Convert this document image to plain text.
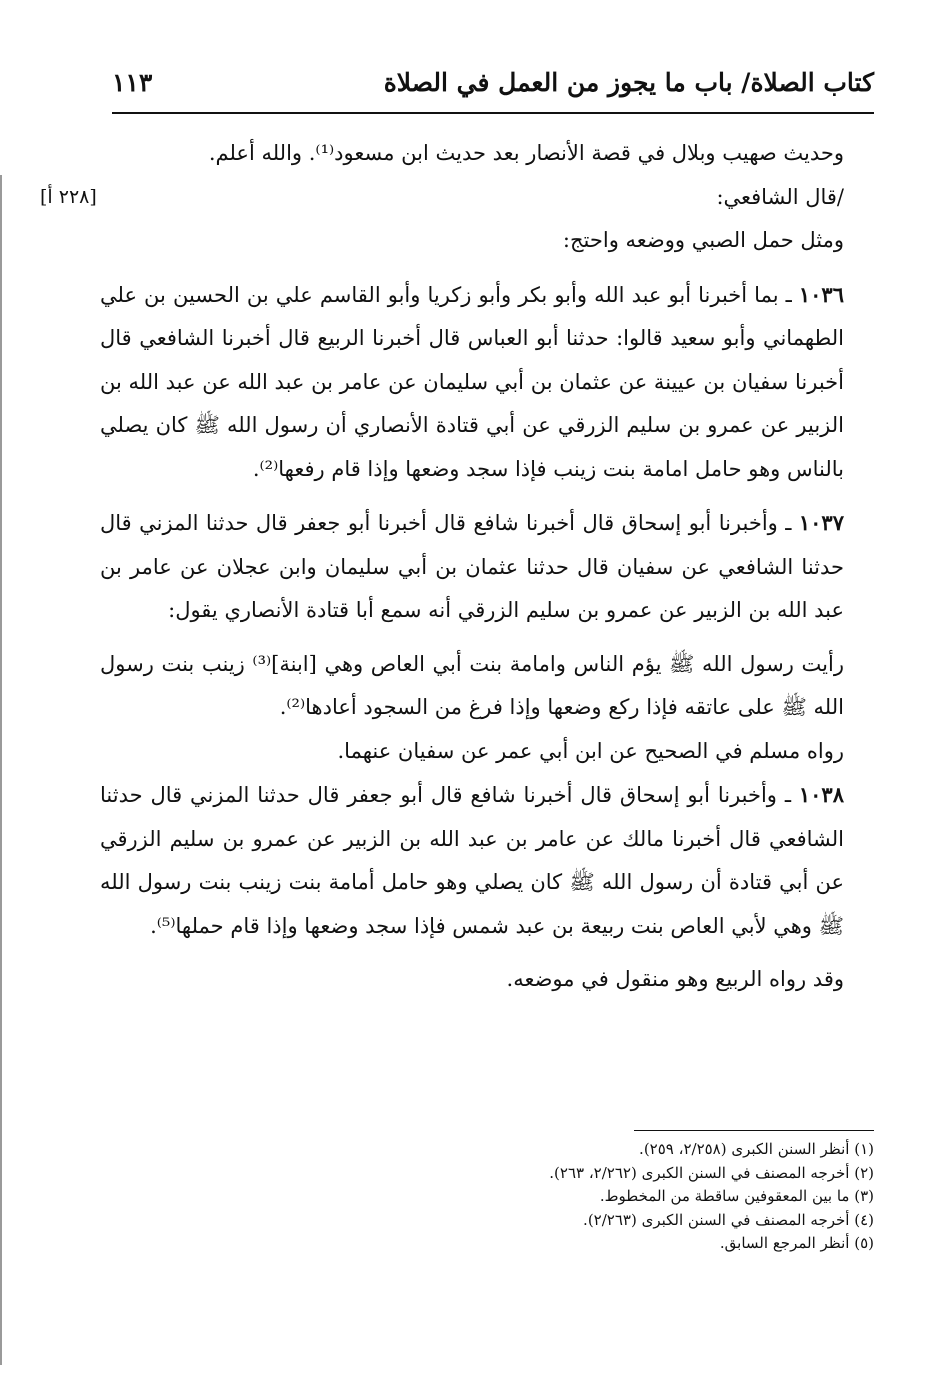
كتاب الصلاة/ باب ما يجوز من العمل في الصلاة
١١٣

وحديث صهيب وبلال في قصة الأنصار بعد حديث ابن مسعود⁽¹⁾. والله أعلم.

/قال الشافعي:
[٢٢٨ أ]

ومثل حمل الصبي ووضعه واحتج:

١٠٣٦ ـ بما أخبرنا أبو عبد الله وأبو بكر وأبو زكريا وأبو القاسم علي بن الحسين بن علي الطهماني وأبو سعيد قالوا: حدثنا أبو العباس قال أخبرنا الربيع قال أخبرنا الشافعي قال أخبرنا سفيان بن عيينة عن عثمان بن أبي سليمان عن عامر بن عبد الله عن عبد الله بن الزبير عن عمرو بن سليم الزرقي عن أبي قتادة الأنصاري أن رسول الله ﷺ كان يصلي بالناس وهو حامل امامة بنت زينب فإذا سجد وضعها وإذا قام رفعها⁽²⁾.

١٠٣٧ ـ وأخبرنا أبو إسحاق قال أخبرنا شافع قال أخبرنا أبو جعفر قال حدثنا المزني قال حدثنا الشافعي عن سفيان قال حدثنا عثمان بن أبي سليمان وابن عجلان عن عامر بن عبد الله بن الزبير عن عمرو بن سليم الزرقي أنه سمع أبا قتادة الأنصاري يقول:

رأيت رسول الله ﷺ يؤم الناس وامامة بنت أبي العاص وهي [ابنة]⁽³⁾ زينب بنت رسول الله ﷺ على عاتقه فإذا ركع وضعها وإذا فرغ من السجود أعادها⁽²⁾.

رواه مسلم في الصحيح عن ابن أبي عمر عن سفيان عنهما.

١٠٣٨ ـ وأخبرنا أبو إسحاق قال أخبرنا شافع قال أبو جعفر قال حدثنا المزني قال حدثنا الشافعي قال أخبرنا مالك عن عامر بن عبد الله بن الزبير عن عمرو بن سليم الزرقي عن أبي قتادة أن رسول الله ﷺ كان يصلي وهو حامل أمامة بنت زينب بنت رسول الله ﷺ وهي لأبي العاص بنت ربيعة بن عبد شمس فإذا سجد وضعها وإذا قام حملها⁽⁵⁾.

وقد رواه الربيع وهو منقول في موضعه.

(١) أنظر السنن الكبرى (٢/٢٥٨، ٢٥٩).

(٢) أخرجه المصنف في السنن الكبرى (٢/٢٦٢، ٢٦٣).

(٣) ما بين المعقوفين ساقطة من المخطوط.

(٤) أخرجه المصنف في السنن الكبرى (٢/٢٦٣).

(٥) أنظر المرجع السابق.
